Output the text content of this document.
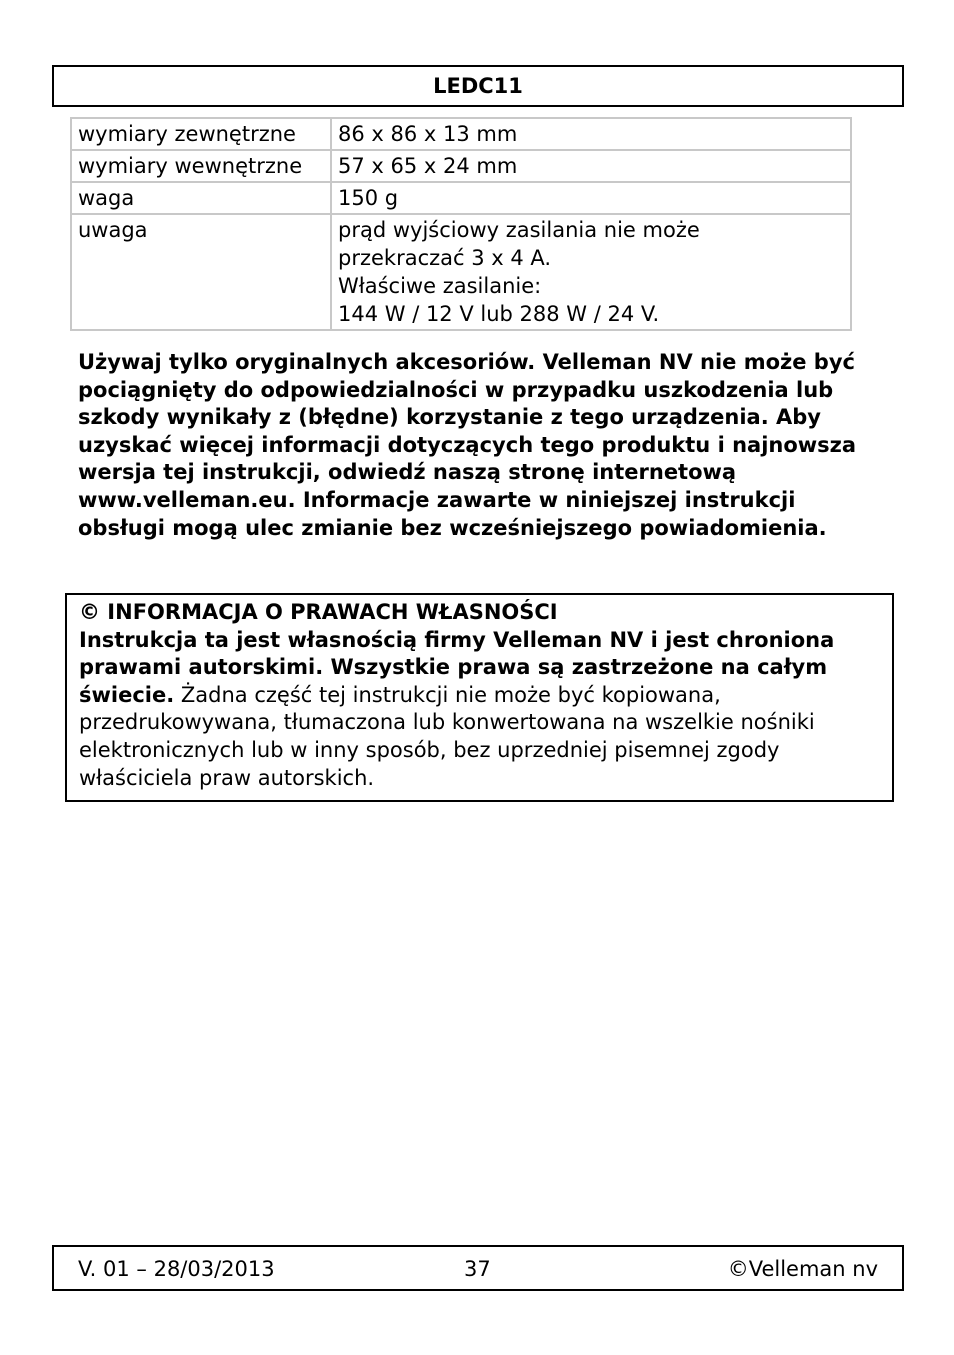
LEDC11
wymiary zewnętrzne	86 x 86 x 13 mm
wymiary wewnętrzne	57 x 65 x 24 mm
waga	150 g
uwaga	prąd wyjściowy zasilania nie może
przekraczać 3 x 4 A.
Właściwe zasilanie:
144 W / 12 V lub 288 W / 24 V.

Używaj tylko oryginalnych akcesoriów. Velleman NV nie może być pociągnięty do odpowiedzialności w przypadku uszkodzenia lub szkody wynikały z (błędne) korzystanie z tego urządzenia. Aby uzyskać więcej informacji dotyczących tego produktu i najnowsza wersja tej instrukcji, odwiedź naszą stronę internetową www.velleman.eu. Informacje zawarte w niniejszej instrukcji obsługi mogą ulec zmianie bez wcześniejszego powiadomienia.

© INFORMACJA O PRAWACH WŁASNOŚCI
Instrukcja ta jest własnością firmy Velleman NV i jest chroniona prawami autorskimi. Wszystkie prawa są zastrzeżone na całym świecie. Żadna część tej instrukcji nie może być kopiowana, przedrukowywana, tłumaczona lub konwertowana na wszelkie nośniki elektronicznych lub w inny sposób, bez uprzedniej pisemnej zgody właściciela praw autorskich.
V. 01 – 28/03/2013	37	©Velleman nv
